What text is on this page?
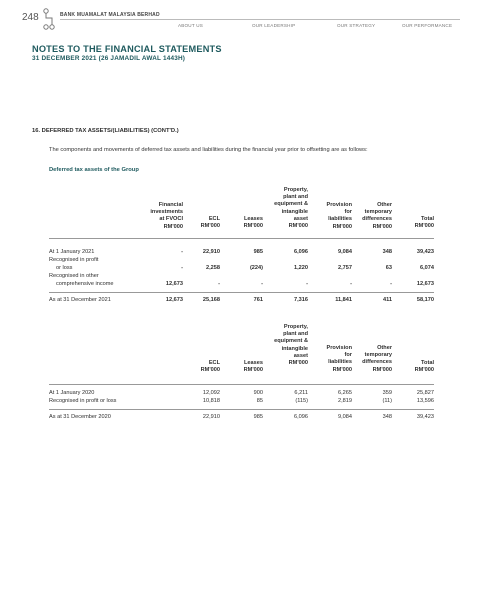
248	BANK MUAMALAT MALAYSIA BERHAD
ABOUT US	OUR LEADERSHIP	OUR STRATEGY	OUR PERFORMANCE
NOTES TO THE FINANCIAL STATEMENTS
31 DECEMBER 2021 (26 JAMADIL AWAL 1443H)
16. DEFERRED TAX ASSETS/(LIABILITIES) (CONT'D.)
The components and movements of deferred tax assets and liabilities during the financial year prior to offsetting are as follows:
Deferred tax assets of the Group
Financial
investments
at FVOCI
RM'000
ECL
RM'000
Leases
RM'000
Property,
plant and
equipment &
intangible
asset
RM'000
Provision
for
liabilities
RM'000
Other
temporary
differences
RM'000
Total
RM'000
At 1 January 2021	-	22,910	985	6,096	9,084	348	39,423
Recognised in profit
or loss	-	2,258	(224)	1,220	2,757	63	6,074
Recognised in other
comprehensive income	12,673	-	-	-	-	-	12,673
As at 31 December 2021	12,673	25,168	761	7,316	11,841	411	58,170
ECL
RM'000
Leases
RM'000
Property,
plant and
equipment &
intangible
asset
RM'000
Provision
for
liabilities
RM'000
Other
temporary
differences
RM'000
Total
RM'000
At 1 January 2020	12,092	900	6,211	6,265	359	25,827
Recognised in profit or loss	10,818	85	(115)	2,819	(11)	13,596
As at 31 December 2020	22,910	985	6,096	9,084	348	39,423
